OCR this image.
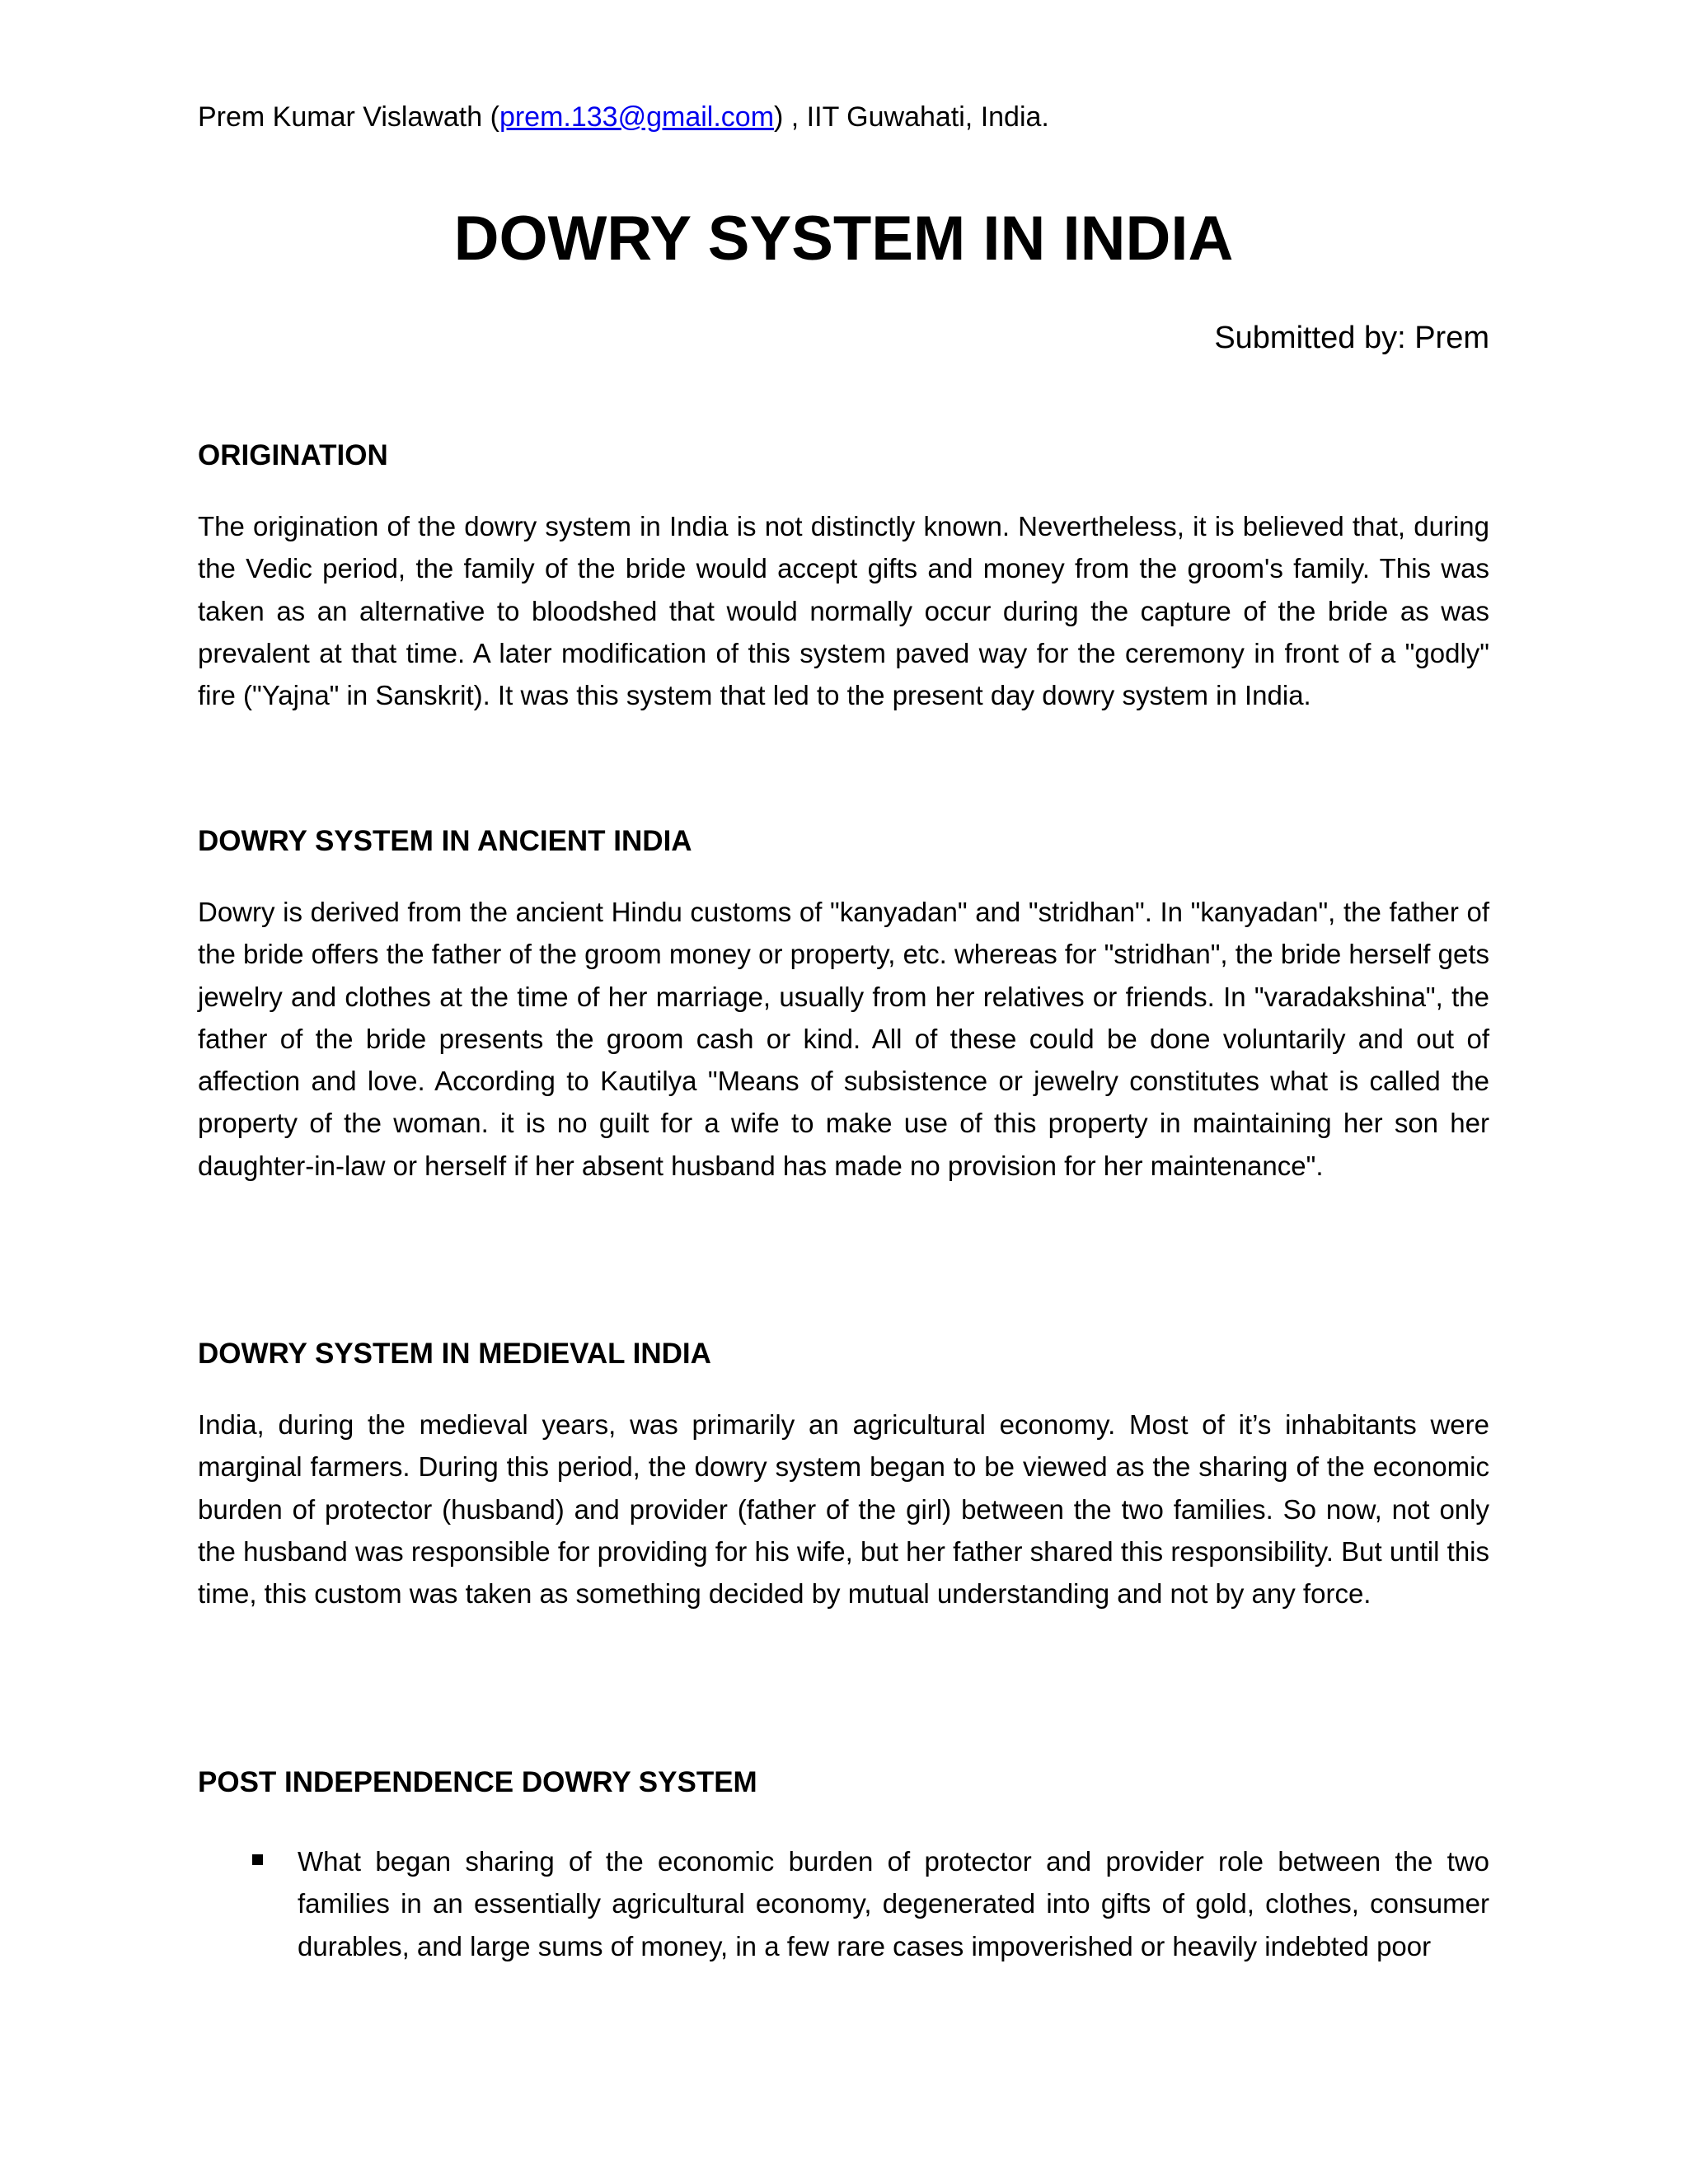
Prem Kumar Vislawath (prem.133@gmail.com) , IIT Guwahati, India.
DOWRY SYSTEM IN INDIA
Submitted by: Prem
ORIGINATION

The origination of the dowry system in India is not distinctly known. Nevertheless, it is believed that, during the Vedic period, the family of the bride would accept gifts and money from the groom's family. This was taken as an alternative to bloodshed that would normally occur during the capture of the bride as was prevalent at that time. A later modification of this system paved way for the ceremony in front of a "godly" fire ("Yajna" in Sanskrit). It was this system that led to the present day dowry system in India.

DOWRY SYSTEM IN ANCIENT INDIA

Dowry is derived from the ancient Hindu customs of "kanyadan" and "stridhan". In "kanyadan", the father of the bride offers the father of the groom money or property, etc. whereas for "stridhan", the bride herself gets jewelry and clothes at the time of her marriage, usually from her relatives or friends. In "varadakshina", the father of the bride presents the groom cash or kind. All of these could be done voluntarily and out of affection and love. According to Kautilya "Means of subsistence or jewelry constitutes what is called the property of the woman. it is no guilt for a wife to make use of this property in maintaining her son her daughter-in-law or herself if her absent husband has made no provision for her maintenance".

DOWRY SYSTEM IN MEDIEVAL INDIA

India, during the medieval years, was primarily an agricultural economy. Most of it’s inhabitants were marginal farmers. During this period, the dowry system began to be viewed as the sharing of the economic burden of protector (husband) and provider (father of the girl) between the two families. So now, not only the husband was responsible for providing for his wife, but her father shared this responsibility. But until this time, this custom was taken as something decided by mutual understanding and not by any force.

POST INDEPENDENCE DOWRY SYSTEM
What began sharing of the economic burden of protector and provider role between the two families in an essentially agricultural economy, degenerated into gifts of gold, clothes, consumer durables, and large sums of money, in a few rare cases impoverished or heavily indebted poor
